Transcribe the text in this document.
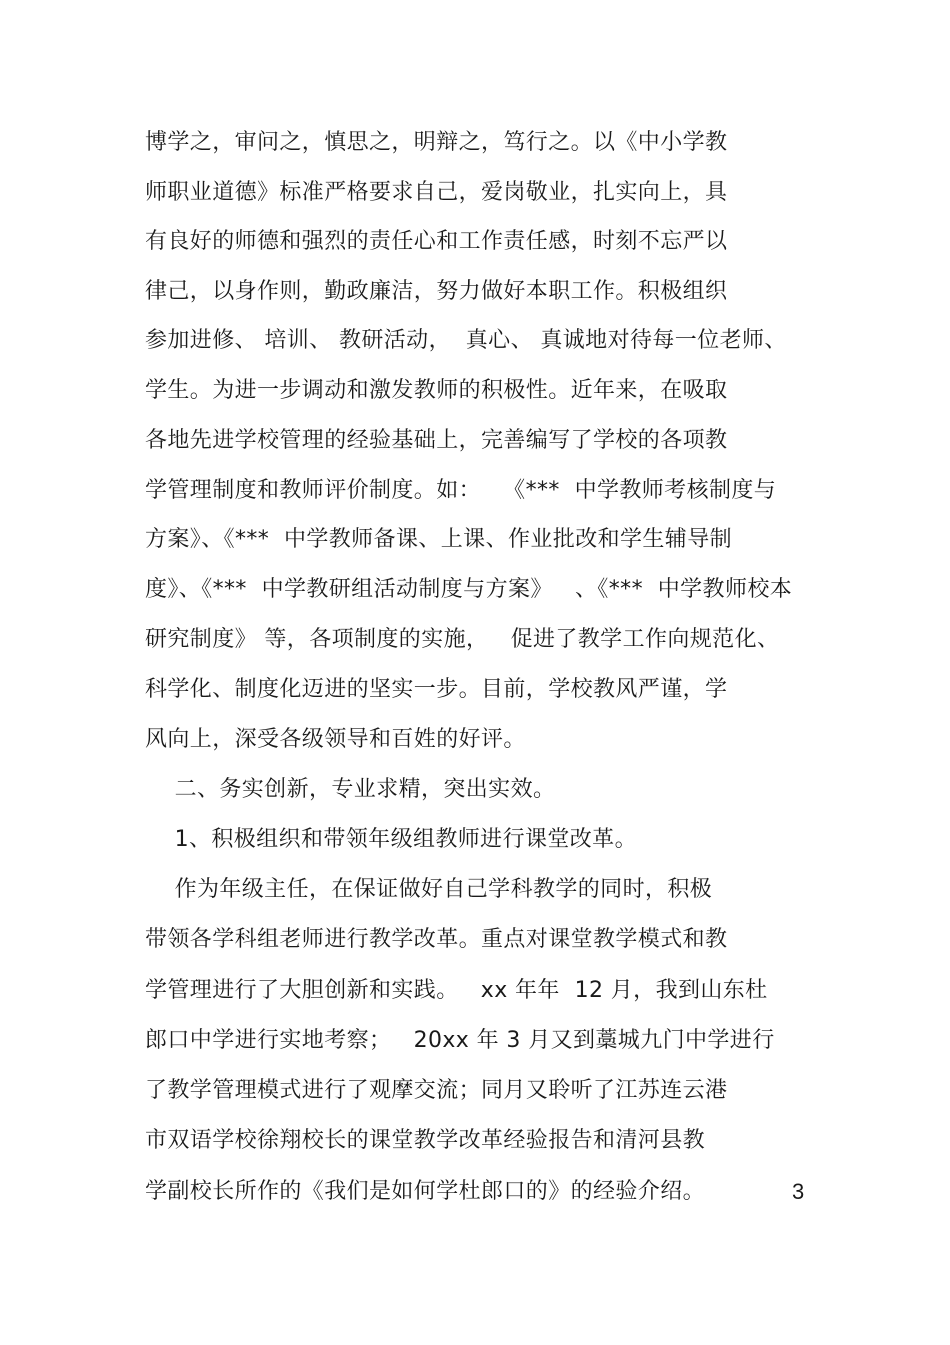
博学之，审问之，慎思之，明辩之，笃行之。以《中小学教
师职业道德》标准严格要求自己，爱岗敬业，扎实向上，具
有良好的师德和强烈的责任心和工作责任感，时刻不忘严以
律己，以身作则，勤政廉洁，努力做好本职工作。积极组织
参加进修、 培训、 教研活动，  真心、 真诚地对待每一位老师、
学生。为进一步调动和激发教师的积极性。近年来，在吸取
各地先进学校管理的经验基础上，完善编写了学校的各项教
学管理制度和教师评价制度。如：   《***  中学教师考核制度与
方案》、《***  中学教师备课、上课、作业批改和学生辅导制
度》、《***  中学教研组活动制度与方案》   、《***  中学教师校本
研究制度》 等，各项制度的实施，   促进了教学工作向规范化、
科学化、制度化迈进的坚实一步。目前，学校教风严谨，学
风向上，深受各级领导和百姓的好评。
二、务实创新，专业求精，突出实效。
1、积极组织和带领年级组教师进行课堂改革。
作为年级主任，在保证做好自己学科教学的同时，积极
带领各学科组老师进行教学改革。重点对课堂教学模式和教
学管理进行了大胆创新和实践。   xx 年年  12 月，我到山东杜
郎口中学进行实地考察；   20xx 年 3 月又到藁城九门中学进行
了教学管理模式进行了观摩交流；同月又聆听了江苏连云港
市双语学校徐翔校长的课堂教学改革经验报告和清河县教
学副校长所作的《我们是如何学杜郎口的》的经验介绍。	3
